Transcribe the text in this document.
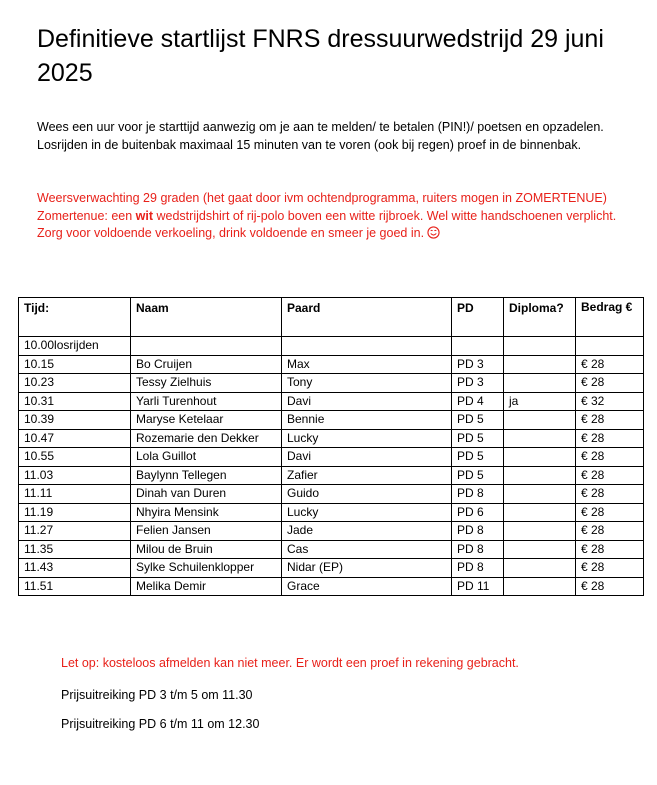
Definitieve startlijst FNRS dressuurwedstrijd 29 juni 2025

Wees een uur voor je starttijd aanwezig om je aan te melden/ te betalen (PIN!)/ poetsen en opzadelen.

Losrijden in de buitenbak maximaal 15 minuten van te voren (ook bij regen) proef in de binnenbak.

Weersverwachting 29 graden (het gaat door ivm ochtendprogramma, ruiters mogen in ZOMERTENUE)

Zomertenue: een wit wedstrijdshirt of rij-polo boven een witte rijbroek. Wel witte handschoenen verplicht. Zorg voor voldoende verkoeling, drink voldoende en smeer je goed in.

Tijd:	Naam	Paard	PD	Diploma?	Bedrag €
10.00losrijden					
10.15	Bo Cruijen	Max	PD 3		€ 28
10.23	Tessy Zielhuis	Tony	PD 3		€ 28
10.31	Yarli Turenhout	Davi	PD 4	ja	€ 32
10.39	Maryse Ketelaar	Bennie	PD 5		€ 28
10.47	Rozemarie den Dekker	Lucky	PD 5		€ 28
10.55	Lola Guillot	Davi	PD 5		€ 28
11.03	Baylynn Tellegen	Zafier	PD 5		€ 28
11.11	Dinah van Duren	Guido	PD 8		€ 28
11.19	Nhyira Mensink	Lucky	PD 6		€ 28
11.27	Felien Jansen	Jade	PD 8		€ 28
11.35	Milou de Bruin	Cas	PD 8		€ 28
11.43	Sylke Schuilenklopper	Nidar (EP)	PD 8		€ 28
11.51	Melika Demir	Grace	PD 11		€ 28

Let op: kosteloos afmelden kan niet meer. Er wordt een proef in rekening gebracht.

Prijsuitreiking PD 3 t/m 5 om 11.30

Prijsuitreiking PD 6 t/m 11 om 12.30
